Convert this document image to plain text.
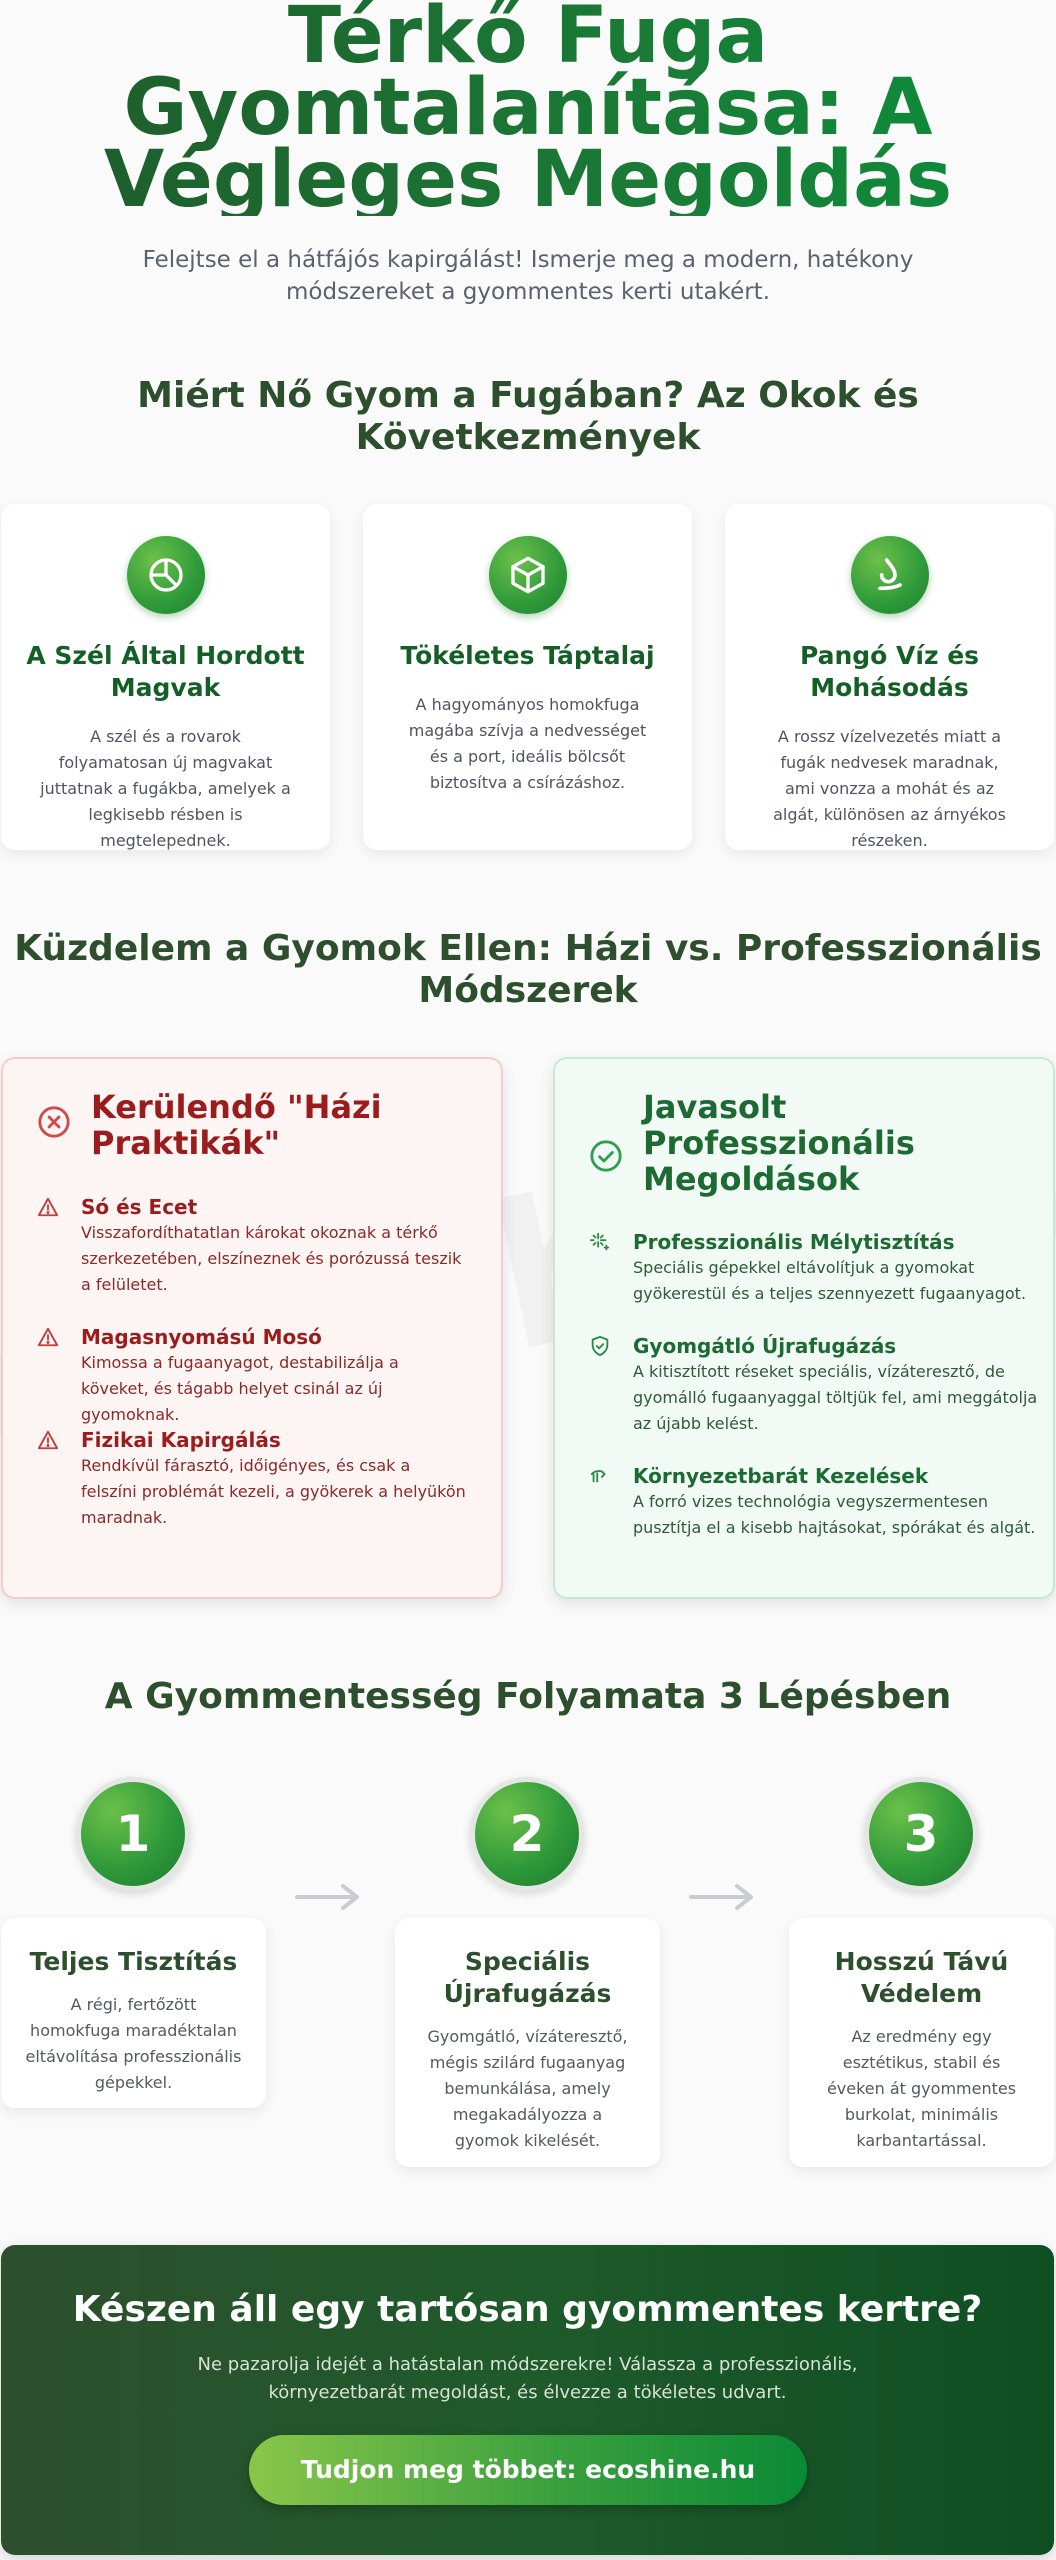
Térkő Fuga Gyomtalanítása: A Végleges Megoldás

Felejtse el a hátfájós kapirgálást! Ismerje meg a modern, hatékony módszereket a gyommentes kerti utakért.

Miért Nő Gyom a Fugában? Az Okok és Következmények
A Szél Által Hordott Magvak

A szél és a rovarok folyamatosan új magvakat juttatnak a fugákba, amelyek a legkisebb résben is megtelepednek.

Tökéletes Táptalaj

A hagyományos homokfuga magába szívja a nedvességet és a port, ideális bölcsőt biztosítva a csírázáshoz.

Pangó Víz és Mohásodás

A rossz vízelvezetés miatt a fugák nedvesek maradnak, ami vonzza a mohát és az algát, különösen az árnyékos részeken.

Küzdelem a Gyomok Ellen: Házi vs. Professzionális Módszerek
Kerülendő "Házi Praktikák"
Só és Ecet

Visszafordíthatatlan károkat okoznak a térkő szerkezetében, elszíneznek és porózussá teszik a felületet.

Magasnyomású Mosó

Kimossa a fugaanyagot, destabilizálja a köveket, és tágabb helyet csinál az új gyomoknak.

Fizikai Kapirgálás

Rendkívül fárasztó, időigényes, és csak a felszíni problémát kezeli, a gyökerek a helyükön maradnak.

Javasolt Professzionális Megoldások
Professzionális Mélytisztítás

Speciális gépekkel eltávolítjuk a gyomokat gyökerestül és a teljes szennyezett fugaanyagot.

Gyomgátló Újrafugázás

A kitisztított réseket speciális, vízáteresztő, de gyomálló fugaanyaggal töltjük fel, ami meggátolja az újabb kelést.

Környezetbarát Kezelések

A forró vizes technológia vegyszermentesen pusztítja el a kisebb hajtásokat, spórákat és algát.

A Gyommentesség Folyamata 3 Lépésben
1	2	3
Teljes Tisztítás

A régi, fertőzött homokfuga maradéktalan eltávolítása professzionális gépekkel.

Speciális Újrafugázás

Gyomgátló, vízáteresztő, mégis szilárd fugaanyag bemunkálása, amely megakadályozza a gyomok kikelését.

Hosszú Távú Védelem

Az eredmény egy esztétikus, stabil és éveken át gyommentes burkolat, minimális karbantartással.

Készen áll egy tartósan gyommentes kertre?

Ne pazarolja idejét a hatástalan módszerekre! Válassza a professzionális, környezetbarát megoldást, és élvezze a tökéletes udvart.

Tudjon meg többet: ecoshine.hu
